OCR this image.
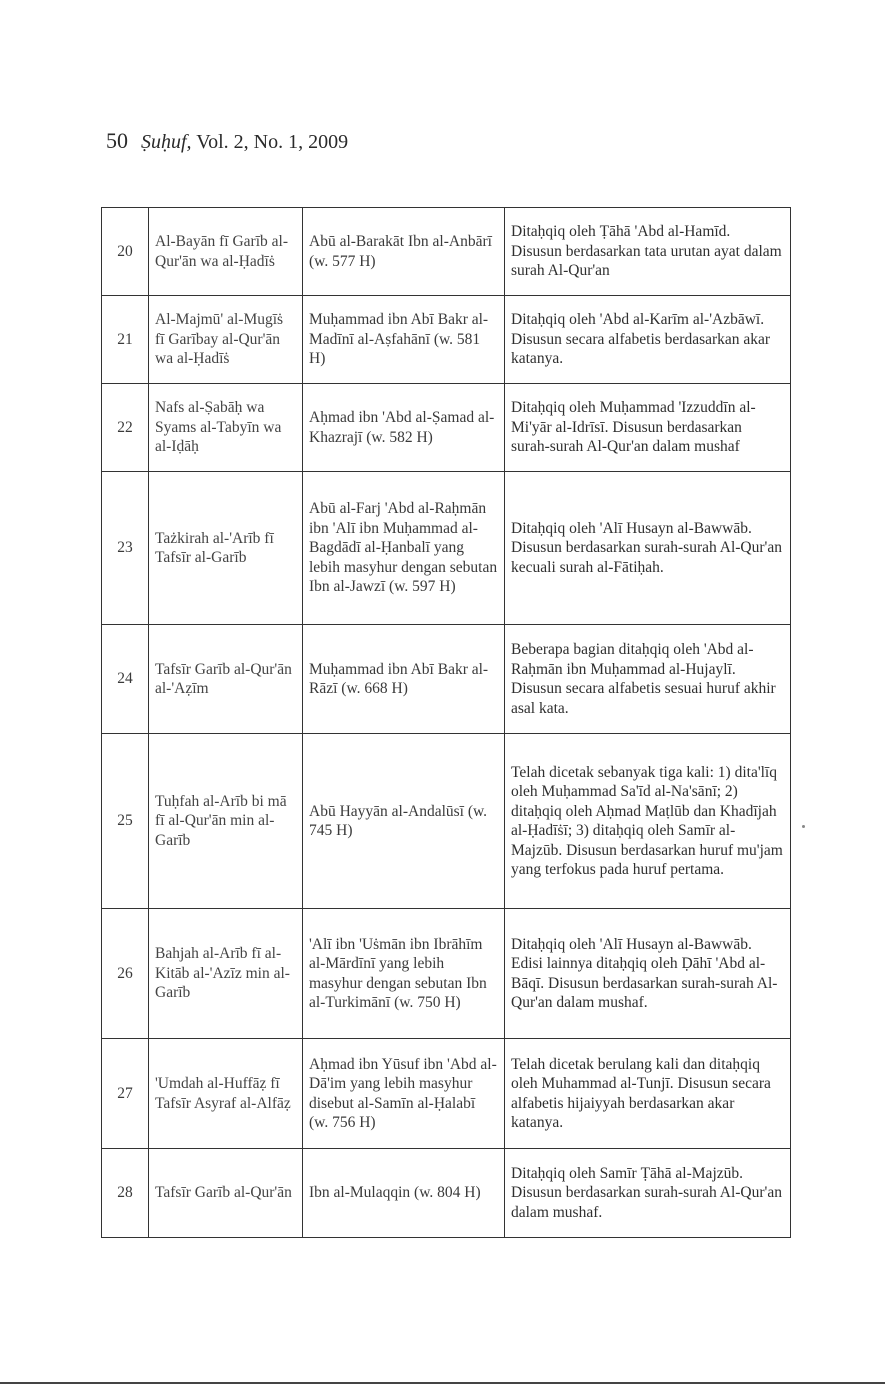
50 Ṣuḥuf, Vol. 2, No. 1, 2009
20	Al-Bayān fī Garīb al-Qur'ān wa al-Ḥadīṡ	Abū al-Barakāt Ibn al-Anbārī (w. 577 H)	Ditaḥqiq oleh Ṭāhā 'Abd al-Hamīd. Disusun berdasarkan tata urutan ayat dalam surah Al-Qur'an
21	Al-Majmū' al-Mugīṡ fī Garībay al-Qur'ān wa al-Ḥadīṡ	Muḥammad ibn Abī Bakr al-Madīnī al-Aṣfahānī (w. 581 H)	Ditaḥqiq oleh 'Abd al-Karīm al-'Azbāwī. Disusun secara alfabetis berdasarkan akar katanya.
22	Nafs al-Ṣabāḥ wa Syams al-Tabyīn wa al-Iḍāḥ	Aḥmad ibn 'Abd al-Ṣamad al-Khazrajī (w. 582 H)	Ditaḥqiq oleh Muḥammad 'Izzuddīn al-Mi'yār al-Idrīsī. Disusun berdasarkan surah-surah Al-Qur'an dalam mushaf
23	Tażkirah al-'Arīb fī Tafsīr al-Garīb	Abū al-Farj 'Abd al-Raḥmān ibn 'Alī ibn Muḥammad al-Bagdādī al-Ḥanbalī yang lebih masyhur dengan sebutan Ibn al-Jawzī (w. 597 H)	Ditaḥqiq oleh 'Alī Husayn al-Bawwāb. Disusun berdasarkan surah-surah Al-Qur'an kecuali surah al-Fātiḥah.
24	Tafsīr Garīb al-Qur'ān al-'Aẓīm	Muḥammad ibn Abī Bakr al-Rāzī (w. 668 H)	Beberapa bagian ditaḥqiq oleh 'Abd al-Raḥmān ibn Muḥammad al-Hujaylī. Disusun secara alfabetis sesuai huruf akhir asal kata.
25	Tuḥfah al-Arīb bi mā fī al-Qur'ān min al-Garīb	Abū Hayyān al-Andalūsī (w. 745 H)	Telah dicetak sebanyak tiga kali: 1) dita'līq oleh Muḥammad Sa'īd al-Na'sānī; 2) ditaḥqiq oleh Aḥmad Maṭlūb dan Khadījah al-Ḥadīṡī; 3) ditaḥqiq oleh Samīr al-Majzūb. Disusun berdasarkan huruf mu'jam yang terfokus pada huruf pertama.
26	Bahjah al-Arīb fī al-Kitāb al-'Azīz min al-Garīb	'Alī ibn 'Uṡmān ibn Ibrāhīm al-Mārdīnī yang lebih masyhur dengan sebutan Ibn al-Turkimānī (w. 750 H)	Ditaḥqiq oleh 'Alī Husayn al-Bawwāb. Edisi lainnya ditaḥqiq oleh Ḍāhī 'Abd al-Bāqī. Disusun berdasarkan surah-surah Al-Qur'an dalam mushaf.
27	'Umdah al-Huffāẓ fī Tafsīr Asyraf al-Alfāẓ	Aḥmad ibn Yūsuf ibn 'Abd al-Dā'im yang lebih masyhur disebut al-Samīn al-Ḥalabī (w. 756 H)	Telah dicetak berulang kali dan ditaḥqiq oleh Muhammad al-Tunjī. Disusun secara alfabetis hijaiyyah berdasarkan akar katanya.
28	Tafsīr Garīb al-Qur'ān	Ibn al-Mulaqqin (w. 804 H)	Ditaḥqiq oleh Samīr Ṭāhā al-Majzūb. Disusun berdasarkan surah-surah Al-Qur'an dalam mushaf.
